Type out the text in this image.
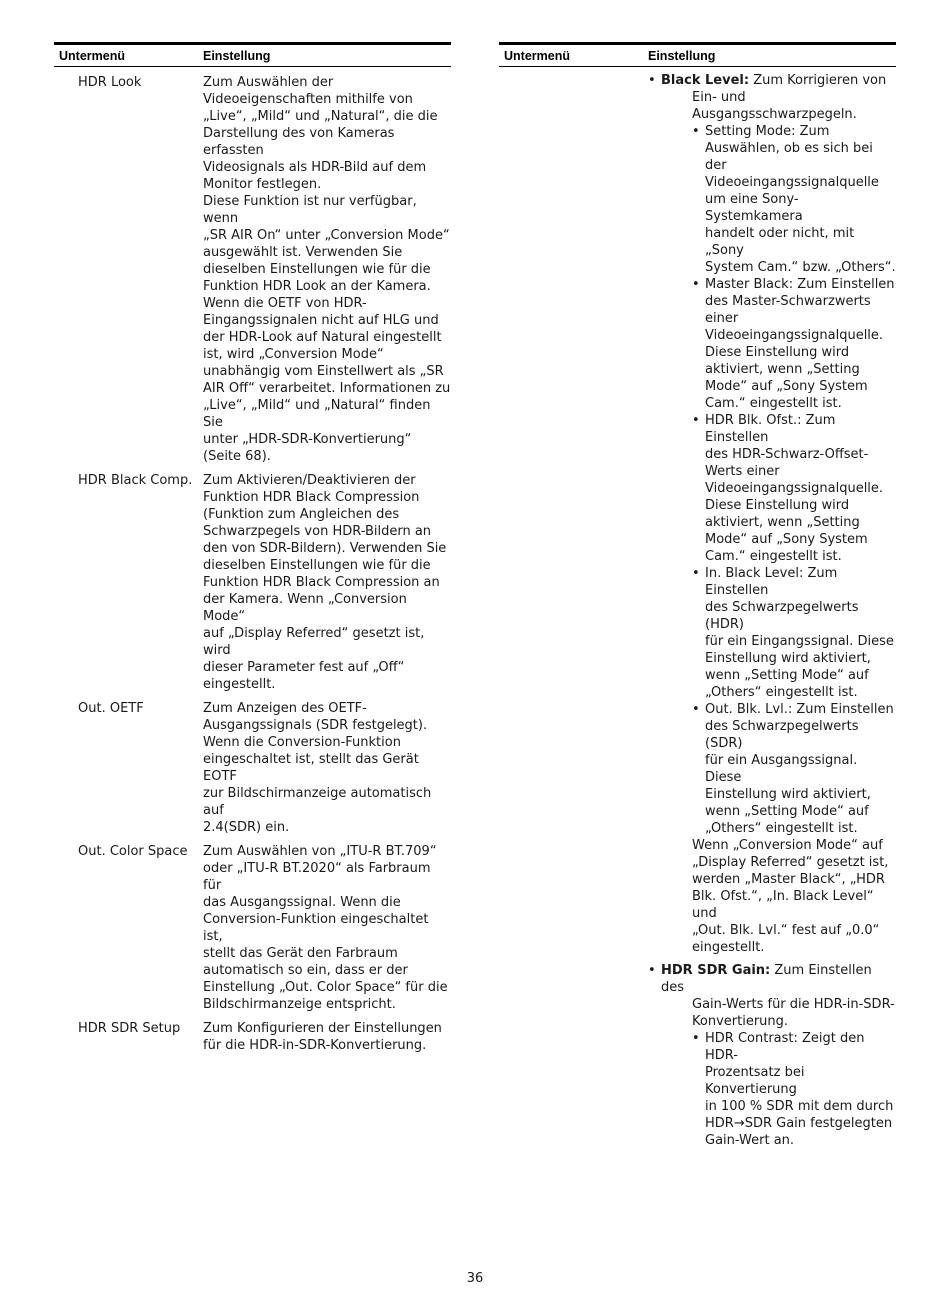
Untermenü	Einstellung
HDR Look	Zum Auswählen der
Videoeigenschaften mithilfe von
„Live“, „Mild“ und „Natural“, die die
Darstellung des von Kameras erfassten
Videosignals als HDR-Bild auf dem
Monitor festlegen.
Diese Funktion ist nur verfügbar, wenn
„SR AIR On“ unter „Conversion Mode“
ausgewählt ist. Verwenden Sie
dieselben Einstellungen wie für die
Funktion HDR Look an der Kamera.
Wenn die OETF von HDR-
Eingangssignalen nicht auf HLG und
der HDR-Look auf Natural eingestellt
ist, wird „Conversion Mode“
unabhängig vom Einstellwert als „SR
AIR Off“ verarbeitet. Informationen zu
„Live“, „Mild“ und „Natural“ finden Sie
unter „HDR-SDR-Konvertierung“
(Seite 68).
HDR Black Comp. Zum Aktivieren/Deaktivieren der
Funktion HDR Black Compression
(Funktion zum Angleichen des
Schwarzpegels von HDR-Bildern an
den von SDR-Bildern). Verwenden Sie
dieselben Einstellungen wie für die
Funktion HDR Black Compression an
der Kamera. Wenn „Conversion Mode“
auf „Display Referred“ gesetzt ist, wird
dieser Parameter fest auf „Off“
eingestellt.
Out. OETF	Zum Anzeigen des OETF-
Ausgangssignals (SDR festgelegt).
Wenn die Conversion-Funktion
eingeschaltet ist, stellt das Gerät EOTF
zur Bildschirmanzeige automatisch auf
2.4(SDR) ein.
Out. Color Space	Zum Auswählen von „ITU-R BT.709“
oder „ITU-R BT.2020“ als Farbraum für
das Ausgangssignal. Wenn die
Conversion-Funktion eingeschaltet ist,
stellt das Gerät den Farbraum
automatisch so ein, dass er der
Einstellung „Out. Color Space“ für die
Bildschirmanzeige entspricht.
HDR SDR Setup	Zum Konfigurieren der Einstellungen
für die HDR-in-SDR-Konvertierung.
Untermenü	Einstellung
• Black Level: Zum Korrigieren von
Ein- und
Ausgangsschwarzpegeln.
• Setting Mode: Zum
Auswählen, ob es sich bei der
Videoeingangssignalquelle
um eine Sony-Systemkamera
handelt oder nicht, mit „Sony
System Cam.“ bzw. „Others“.
• Master Black: Zum Einstellen
des Master-Schwarzwerts
einer
Videoeingangssignalquelle.
Diese Einstellung wird
aktiviert, wenn „Setting
Mode“ auf „Sony System
Cam.“ eingestellt ist.
• HDR Blk. Ofst.: Zum Einstellen
des HDR-Schwarz-Offset-
Werts einer
Videoeingangssignalquelle.
Diese Einstellung wird
aktiviert, wenn „Setting
Mode“ auf „Sony System
Cam.“ eingestellt ist.
• In. Black Level: Zum Einstellen
des Schwarzpegelwerts (HDR)
für ein Eingangssignal. Diese
Einstellung wird aktiviert,
wenn „Setting Mode“ auf
„Others“ eingestellt ist.
• Out. Blk. Lvl.: Zum Einstellen
des Schwarzpegelwerts (SDR)
für ein Ausgangssignal. Diese
Einstellung wird aktiviert,
wenn „Setting Mode“ auf
„Others“ eingestellt ist.
Wenn „Conversion Mode“ auf
„Display Referred“ gesetzt ist,
werden „Master Black“, „HDR
Blk. Ofst.“, „In. Black Level“ und
„Out. Blk. Lvl.“ fest auf „0.0“
eingestellt.
• HDR SDR Gain: Zum Einstellen des
Gain-Werts für die HDR-in-SDR-
Konvertierung.
• HDR Contrast: Zeigt den HDR-
Prozentsatz bei Konvertierung
in 100 % SDR mit dem durch
HDR→SDR Gain festgelegten
Gain-Wert an.
36
